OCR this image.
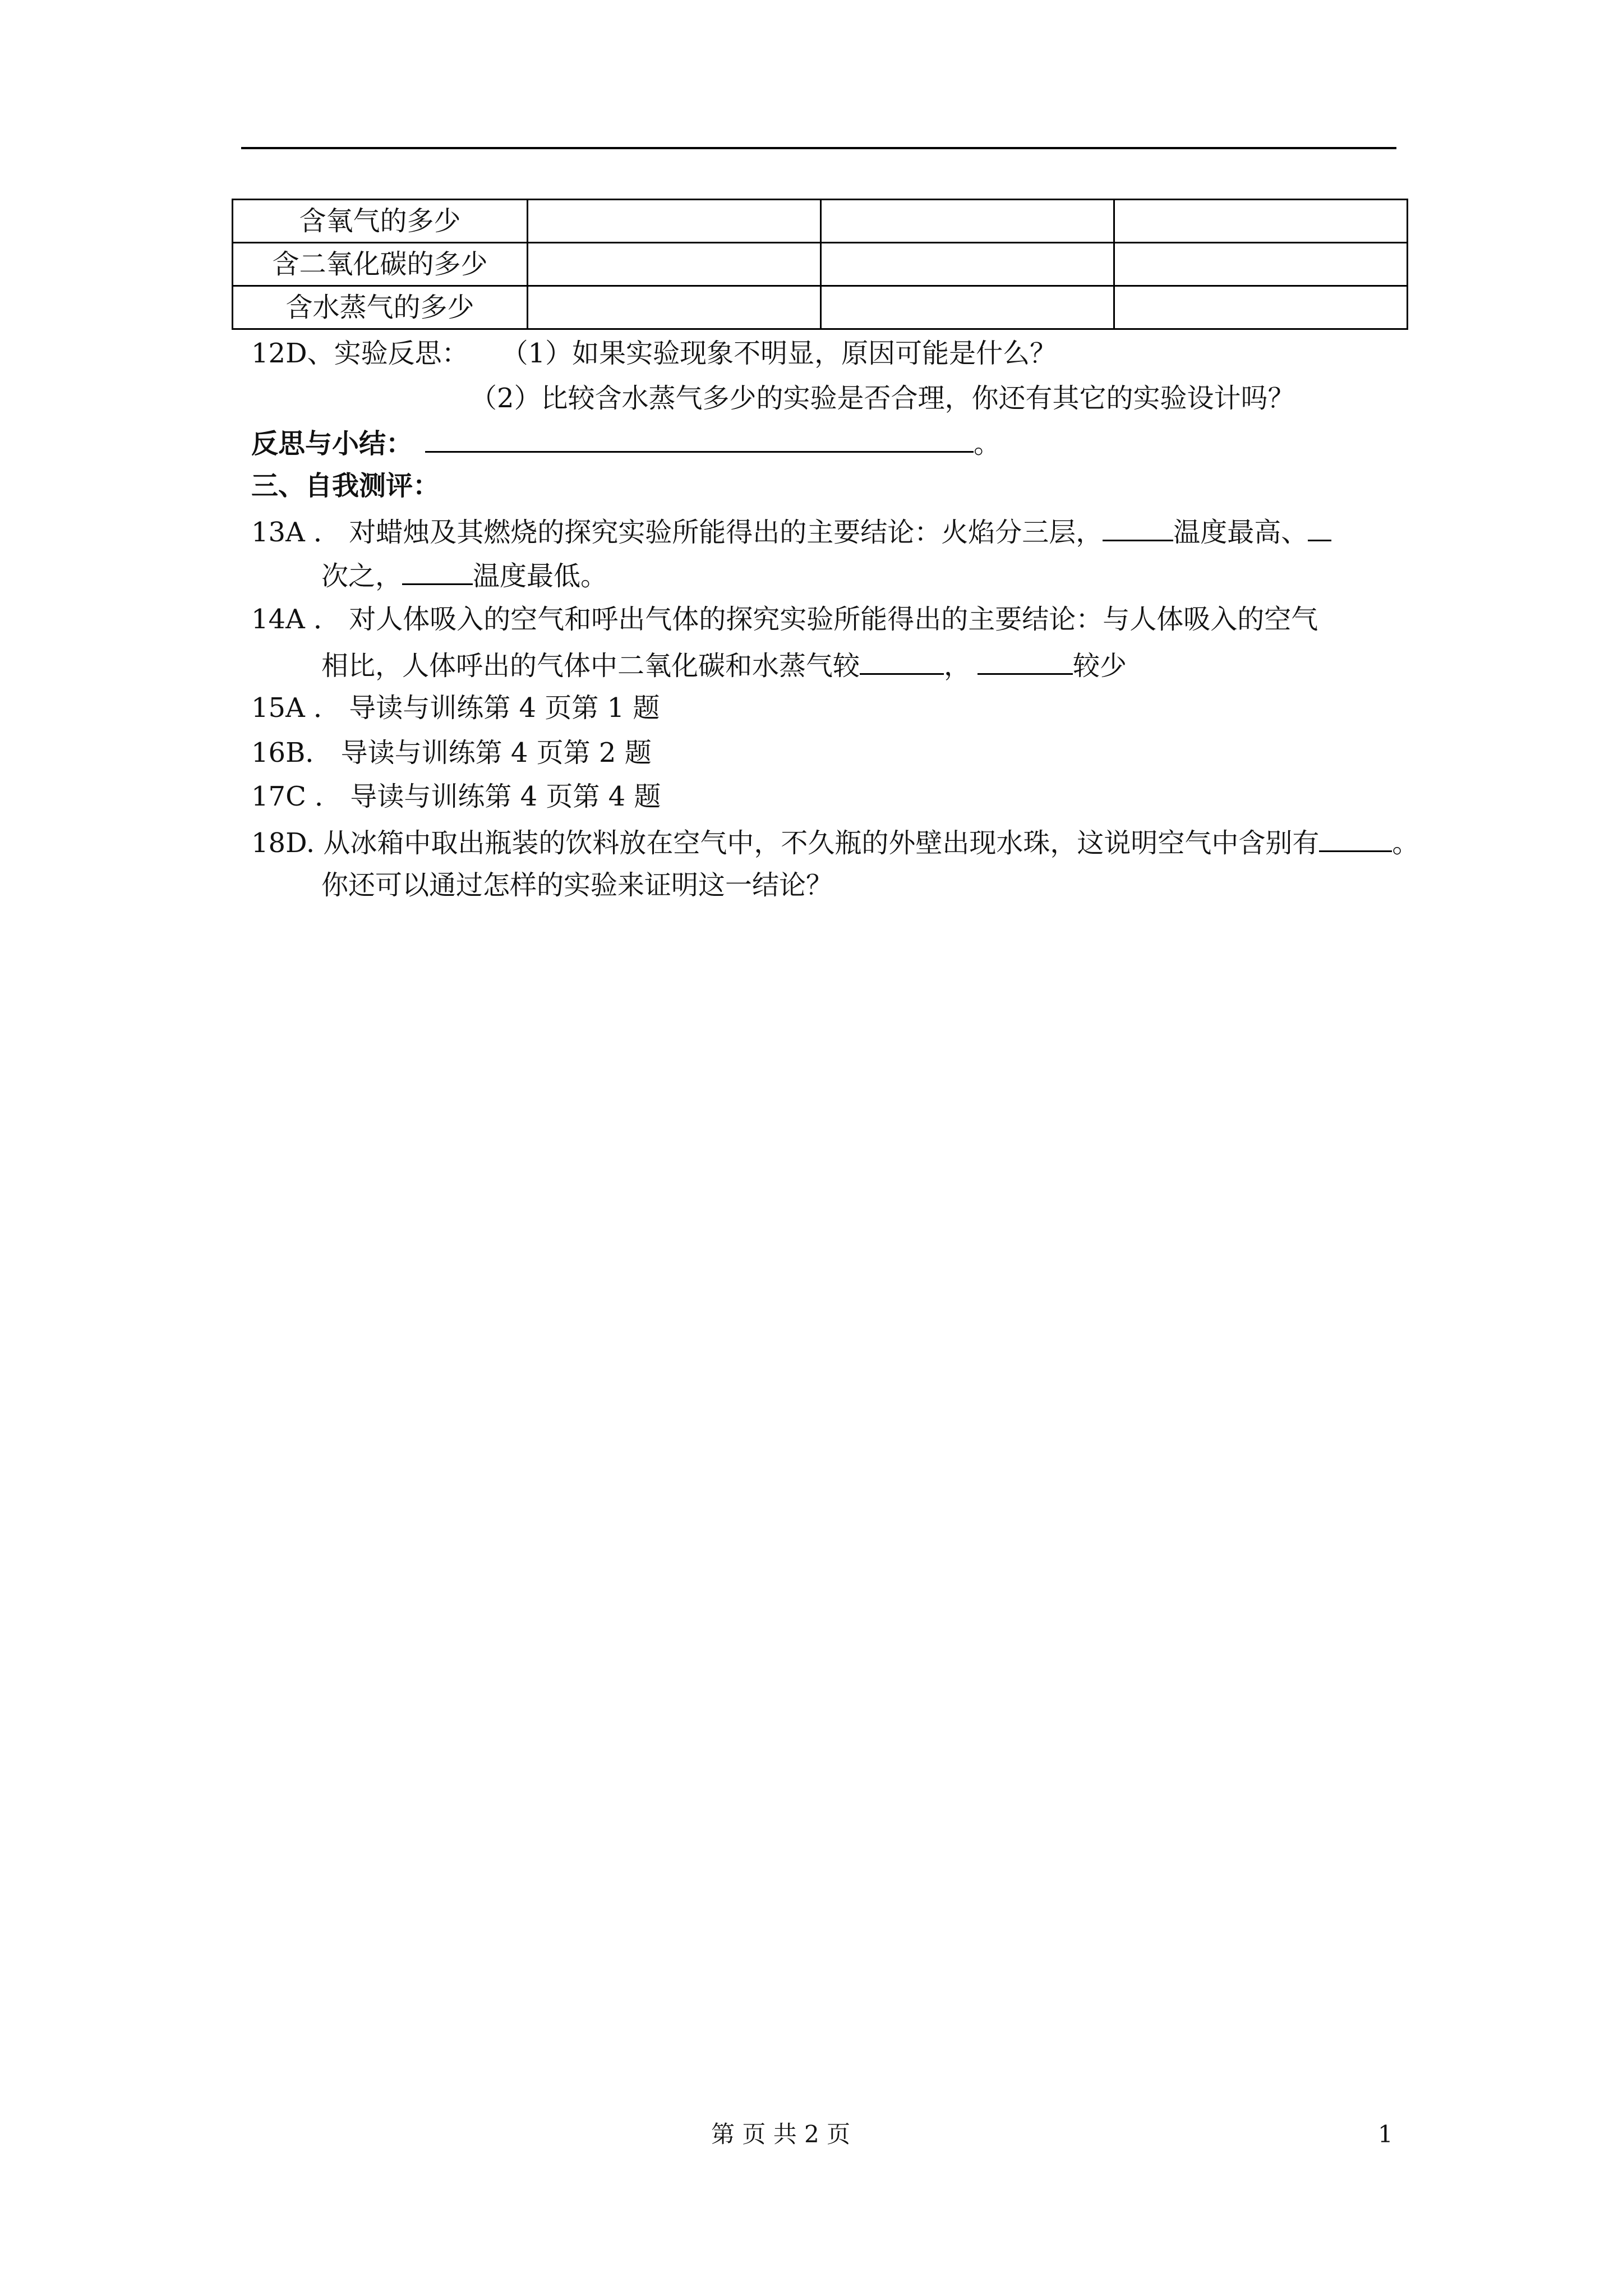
含氧气的多少			
含二氧化碳的多少			
含水蒸气的多少			
12D、实验反思： （1）如果实验现象不明显，原因可能是什么？
（2）比较含水蒸气多少的实验是否合理，你还有其它的实验设计吗？
反思与小结：	。
三、自我测评：
13A ． 对蜡烛及其燃烧的探究实验所能得出的主要结论：火焰分三层，	温度最高、
次之，	温度最低。
14A ． 对人体吸入的空气和呼出气体的探究实验所能得出的主要结论：与人体吸入的空气
相比，人体呼出的气体中二氧化碳和水蒸气较	，	较少
15A ． 导读与训练第 4 页第 1 题
16B． 导读与训练第 4 页第 2 题
17C ． 导读与训练第 4 页第 4 题
18D. 从冰箱中取出瓶装的饮料放在空气中，不久瓶的外壁出现水珠，这说明空气中含别有	。
你还可以通过怎样的实验来证明这一结论？
第 页 共 2 页	1
